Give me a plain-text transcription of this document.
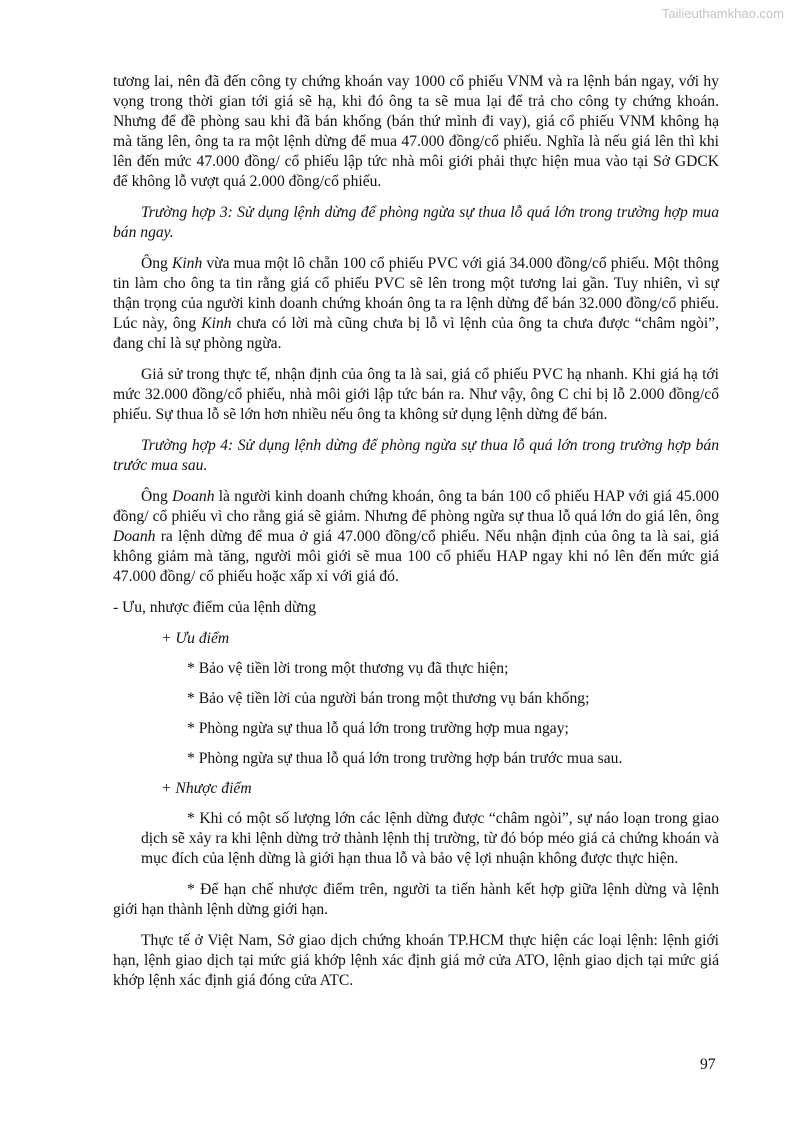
Tailieuthamkhao.com

tương lai, nên đã đến công ty chứng khoán vay 1000 cổ phiếu VNM và ra lệnh bán ngay, với hy vọng trong thời gian tới giá sẽ hạ, khi đó ông ta sẽ mua lại để trả cho công ty chứng khoán. Nhưng để đề phòng sau khi đã bán khống (bán thứ mình đi vay), giá cổ phiếu VNM không hạ mà tăng lên, ông ta ra một lệnh dừng để mua 47.000 đồng/cổ phiếu. Nghĩa là nếu giá lên thì khi lên đến mức 47.000 đồng/ cổ phiếu lập tức nhà môi giới phải thực hiện mua vào tại Sở GDCK để không lỗ vượt quá 2.000 đồng/cổ phiếu.

Trường hợp 3: Sử dụng lệnh dừng để phòng ngừa sự thua lỗ quá lớn trong trường hợp mua bán ngay.

Ông Kinh vừa mua một lô chẵn 100 cổ phiếu PVC với giá 34.000 đồng/cổ phiếu. Một thông tin làm cho ông ta tin rằng giá cổ phiếu PVC sẽ lên trong một tương lai gần. Tuy nhiên, vì sự thận trọng của người kinh doanh chứng khoán ông ta ra lệnh dừng để bán 32.000 đồng/cổ phiếu. Lúc này, ông Kinh chưa có lời mà cũng chưa bị lỗ vì lệnh của ông ta chưa được “châm ngòi”, đang chỉ là sự phòng ngừa.

Giả sử trong thực tế, nhận định của ông ta là sai, giá cổ phiếu PVC hạ nhanh. Khi giá hạ tới mức 32.000 đồng/cổ phiếu, nhà môi giới lập tức bán ra. Như vậy, ông C chỉ bị lỗ 2.000 đồng/cổ phiếu. Sự thua lỗ sẽ lớn hơn nhiều nếu ông ta không sử dụng lệnh dừng để bán.

Trường hợp 4: Sử dụng lệnh dừng để phòng ngừa sự thua lỗ quá lớn trong trường hợp bán trước mua sau.

Ông Doanh là người kinh doanh chứng khoán, ông ta bán 100 cổ phiếu HAP với giá 45.000 đồng/ cổ phiếu vì cho rằng giá sẽ giảm. Nhưng để phòng ngừa sự thua lỗ quá lớn do giá lên, ông Doanh ra lệnh dừng để mua ở giá 47.000 đồng/cổ phiếu. Nếu nhận định của ông ta là sai, giá không giảm mà tăng, người môi giới sẽ mua 100 cổ phiếu HAP ngay khi nó lên đến mức giá 47.000 đồng/ cổ phiếu hoặc xấp xỉ với giá đó.

- Ưu, nhược điểm của lệnh dừng

+ Ưu điểm

* Bảo vệ tiền lời trong một thương vụ đã thực hiện;

* Bảo vệ tiền lời của người bán trong một thương vụ bán khống;

* Phòng ngừa sự thua lỗ quá lớn trong trường hợp mua ngay;

* Phòng ngừa sự thua lỗ quá lớn trong trường hợp bán trước mua sau.

+ Nhược điểm

* Khi có một số lượng lớn các lệnh dừng được “châm ngòi”, sự náo loạn trong giao dịch sẽ xảy ra khi lệnh dừng trở thành lệnh thị trường, từ đó bóp méo giá cả chứng khoán và mục đích của lệnh dừng là giới hạn thua lỗ và bảo vệ lợi nhuận không được thực hiện.

* Để hạn chế nhược điểm trên, người ta tiến hành kết hợp giữa lệnh dừng và lệnh giới hạn thành lệnh dừng giới hạn.

Thực tế ở Việt Nam, Sở giao dịch chứng khoán TP.HCM thực hiện các loại lệnh: lệnh giới hạn, lệnh giao dịch tại mức giá khớp lệnh xác định giá mở cửa ATO, lệnh giao dịch tại mức giá khớp lệnh xác định giá đóng cửa ATC.

97
